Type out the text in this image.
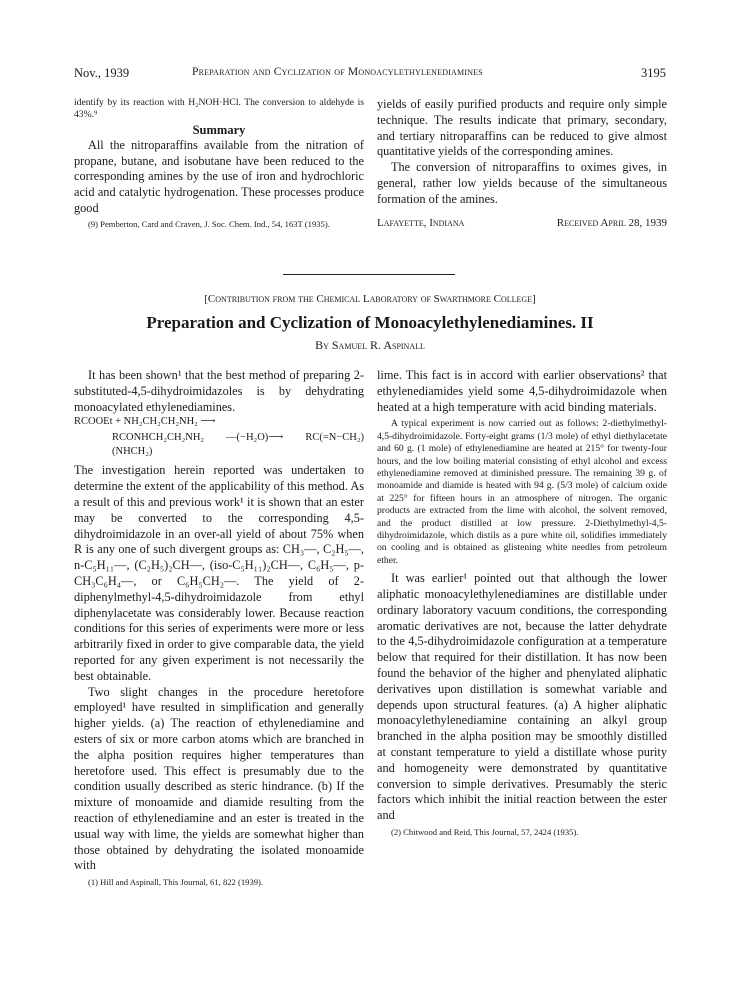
Nov., 1939	Preparation and Cyclization of Monoacylethylenediamines	3195

identify by its reaction with H₂NOH·HCl. The conversion to aldehyde is 43%.⁹

Summary

All the nitroparaffins available from the nitration of propane, butane, and isobutane have been reduced to the corresponding amines by the use of iron and hydrochloric acid and catalytic hydrogenation. These processes produce good

(9) Pemberton, Card and Craven, J. Soc. Chem. Ind., 54, 163T (1935).

yields of easily purified products and require only simple technique. The results indicate that primary, secondary, and tertiary nitroparaffins can be reduced to give almost quantitative yields of the corresponding amines.

The conversion of nitroparaffins to oximes gives, in general, rather low yields because of the simultaneous formation of the amines.

Lafayette, Indiana	Received April 28, 1939
[Contribution from the Chemical Laboratory of Swarthmore College]
Preparation and Cyclization of Monoacylethylenediamines. II
By Samuel R. Aspinall

It has been shown¹ that the best method of preparing 2-substituted-4,5-dihydroimidazoles is by dehydrating monoacylated ethylenediamines.

RCOOEt + NH₂CH₂CH₂NH₂ ⟶

RCONHCH₂CH₂NH₂ —(−H₂O)⟶ RC(=N−CH₂)(NHCH₂)

The investigation herein reported was undertaken to determine the extent of the applicability of this method. As a result of this and previous work¹ it is shown that an ester may be converted to the corresponding 4,5-dihydroimidazole in an over-all yield of about 75% when R is any one of such divergent groups as: CH₃—, C₂H₅—, n-C₅H₁₁—, (C₂H₅)₂CH—, (iso-C₅H₁₁)₂CH—, C₆H₅—, p-CH₃C₆H₄—, or C₆H₅CH₂—. The yield of 2-diphenylmethyl-4,5-dihydroimidazole from ethyl diphenylacetate was considerably lower. Because reaction conditions for this series of experiments were more or less arbitrarily fixed in order to give comparable data, the yield reported for any given experiment is not necessarily the best obtainable.

Two slight changes in the procedure heretofore employed¹ have resulted in simplification and generally higher yields. (a) The reaction of ethylenediamine and esters of six or more carbon atoms which are branched in the alpha position requires higher temperatures than heretofore used. This effect is presumably due to the condition usually described as steric hindrance. (b) If the mixture of monoamide and diamide resulting from the reaction of ethylenediamine and an ester is treated in the usual way with lime, the yields are somewhat higher than those obtained by dehydrating the isolated monoamide with

(1) Hill and Aspinall, This Journal, 61, 822 (1939).

lime. This fact is in accord with earlier observations² that ethylenediamides yield some 4,5-dihydroimidazole when heated at a high temperature with acid binding materials.

A typical experiment is now carried out as follows: 2-diethylmethyl-4,5-dihydroimidazole. Forty-eight grams (1/3 mole) of ethyl diethylacetate and 60 g. (1 mole) of ethylenediamine are heated at 215° for twenty-four hours, and the low boiling material consisting of ethyl alcohol and excess ethylenediamine removed at diminished pressure. The remaining 39 g. of monoamide and diamide is heated with 94 g. (5/3 mole) of calcium oxide at 225° for fifteen hours in an atmosphere of nitrogen. The organic products are extracted from the lime with alcohol, the solvent removed, and the product distilled at low pressure. 2-Diethylmethyl-4,5-dihydroimidazole, which distils as a pure white oil, solidifies immediately on cooling and is obtained as glistening white needles from petroleum ether.

It was earlier¹ pointed out that although the lower aliphatic monoacylethylenediamines are distillable under ordinary laboratory vacuum conditions, the corresponding aromatic derivatives are not, because the latter dehydrate to the 4,5-dihydroimidazole configuration at a temperature below that required for their distillation. It has now been found the behavior of the higher and phenylated aliphatic derivatives upon distillation is somewhat variable and depends upon structural features. (a) A higher aliphatic monoacylethylenediamine containing an alkyl group branched in the alpha position may be smoothly distilled at constant temperature to yield a distillate whose purity and homogeneity were demonstrated by quantitative conversion to simple derivatives. Presumably the steric factors which inhibit the initial reaction between the ester and

(2) Chitwood and Reid, This Journal, 57, 2424 (1935).
